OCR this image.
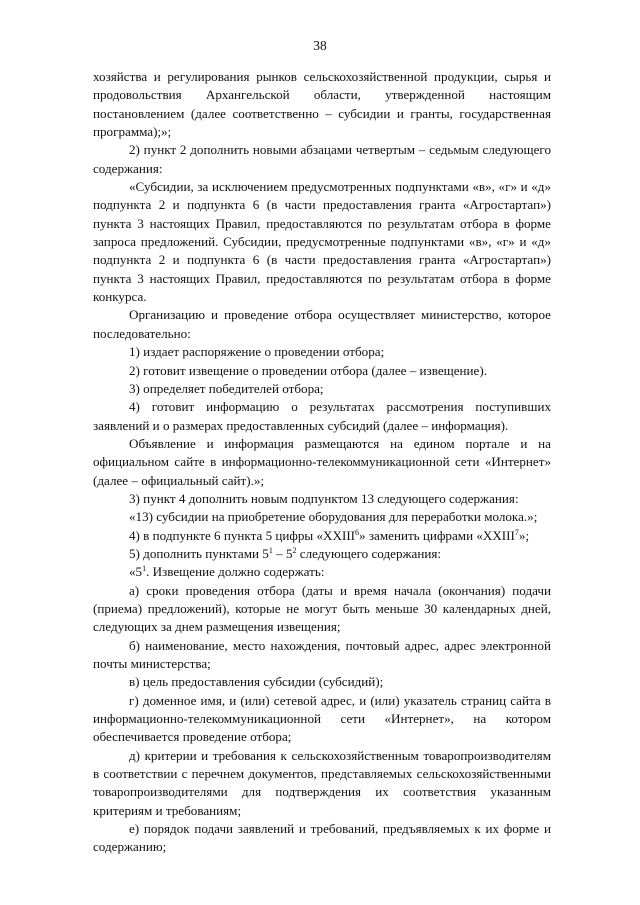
38

хозяйства и регулирования рынков сельскохозяйственной продукции, сырья и продовольствия Архангельской области, утвержденной настоящим постановлением (далее соответственно – субсидии и гранты, государственная программа);»;

2) пункт 2 дополнить новыми абзацами четвертым – седьмым следующего содержания:

«Субсидии, за исключением предусмотренных подпунктами «в», «г» и «д» подпункта 2 и подпункта 6 (в части предоставления гранта «Агростартап») пункта 3 настоящих Правил, предоставляются по результатам отбора в форме запроса предложений. Субсидии, предусмотренные подпунктами «в», «г» и «д» подпункта 2 и подпункта 6 (в части предоставления гранта «Агростартап») пункта 3 настоящих Правил, предоставляются по результатам отбора в форме конкурса.

Организацию и проведение отбора осуществляет министерство, которое последовательно:

1) издает распоряжение о проведении отбора;

2) готовит извещение о проведении отбора (далее – извещение).

3) определяет победителей отбора;

4) готовит информацию о результатах рассмотрения поступивших заявлений и о размерах предоставленных субсидий (далее – информация).

Объявление и информация размещаются на едином портале и на официальном сайте в информационно-телекоммуникационной сети «Интернет» (далее – официальный сайт).»;

3) пункт 4 дополнить новым подпунктом 13 следующего содержания:

«13) субсидии на приобретение оборудования для переработки молока.»;

4) в подпункте 6 пункта 5 цифры «XXIII$^6$» заменить цифрами «XXIII$^7$»;

5) дополнить пунктами $5^1 - 5^2$ следующего содержания:

«$5^1$. Извещение должно содержать:

а) сроки проведения отбора (даты и время начала (окончания) подачи (приема) предложений), которые не могут быть меньше 30 календарных дней, следующих за днем размещения извещения;

б) наименование, место нахождения, почтовый адрес, адрес электронной почты министерства;

в) цель предоставления субсидии (субсидий);

г) доменное имя, и (или) сетевой адрес, и (или) указатель страниц сайта в информационно-телекоммуникационной сети «Интернет», на котором обеспечивается проведение отбора;

д) критерии и требования к сельскохозяйственным товаропроизводителям в соответствии с перечнем документов, представляемых сельскохозяйственными товаропроизводителями для подтверждения их соответствия указанным критериям и требованиям;

е) порядок подачи заявлений и требований, предъявляемых к их форме и содержанию;
